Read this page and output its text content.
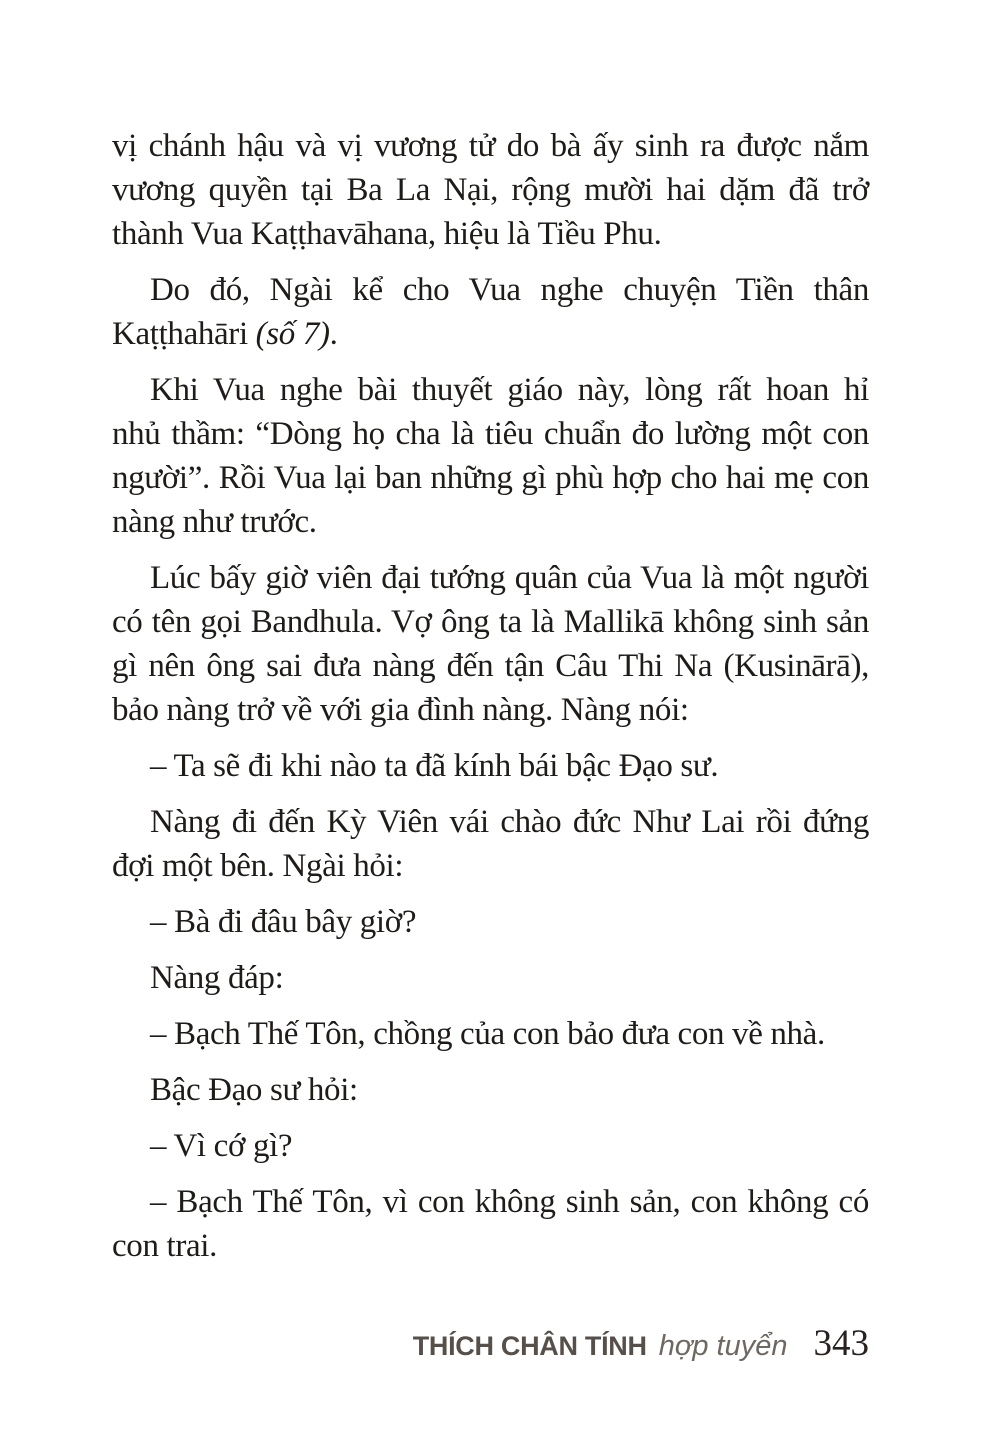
vị chánh hậu và vị vương tử do bà ấy sinh ra được nắm
vương quyền tại Ba La Nại, rộng mười hai dặm đã trở
thành Vua Kaṭṭhavāhana, hiệu là Tiều Phu.
Do đó, Ngài kể cho Vua nghe chuyện Tiền thân
Kaṭṭhahāri (số 7).
Khi Vua nghe bài thuyết giáo này, lòng rất hoan hỉ
nhủ thầm: “Dòng họ cha là tiêu chuẩn đo lường một con
người”. Rồi Vua lại ban những gì phù hợp cho hai mẹ con
nàng như trước.
Lúc bấy giờ viên đại tướng quân của Vua là một người
có tên gọi Bandhula. Vợ ông ta là Mallikā không sinh sản
gì nên ông sai đưa nàng đến tận Câu Thi Na (Kusinārā),
bảo nàng trở về với gia đình nàng. Nàng nói:
– Ta sẽ đi khi nào ta đã kính bái bậc Đạo sư.
Nàng đi đến Kỳ Viên vái chào đức Như Lai rồi đứng
đợi một bên. Ngài hỏi:
– Bà đi đâu bây giờ?
Nàng đáp:
– Bạch Thế Tôn, chồng của con bảo đưa con về nhà.
Bậc Đạo sư hỏi:
– Vì cớ gì?
– Bạch Thế Tôn, vì con không sinh sản, con không có
con trai.
THÍCH CHÂN TÍNH hợp tuyển 343
